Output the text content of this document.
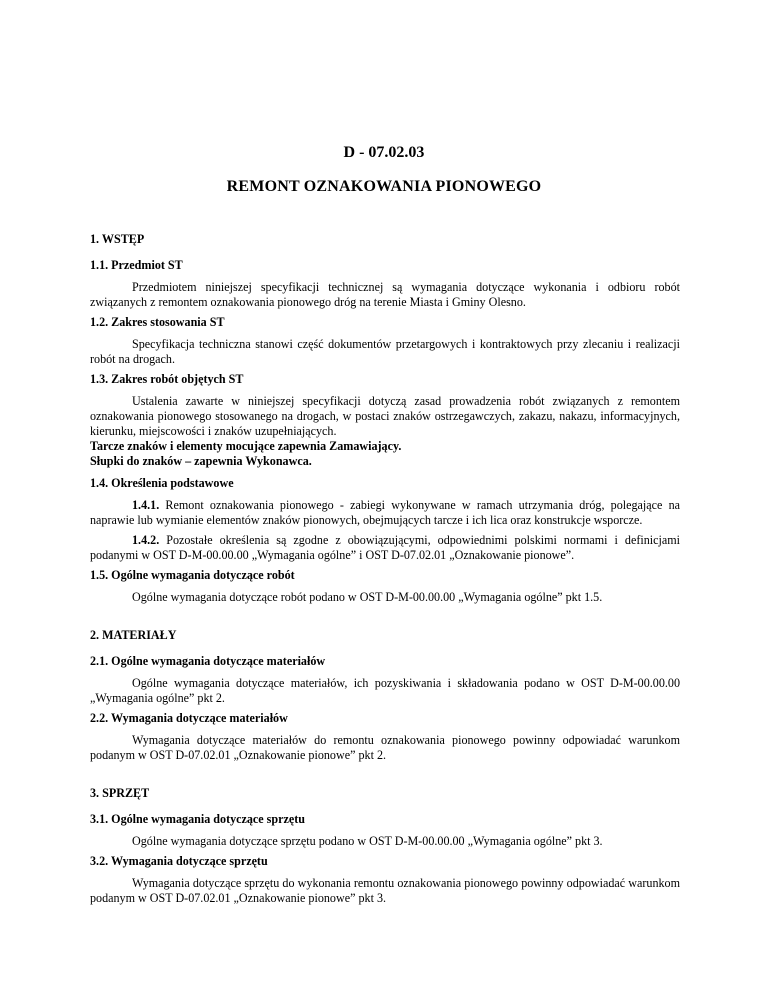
D - 07.02.03
REMONT OZNAKOWANIA PIONOWEGO
1. WSTĘP
1.1. Przedmiot ST
Przedmiotem niniejszej specyfikacji technicznej są wymagania dotyczące wykonania i odbioru robót związanych z remontem oznakowania pionowego dróg na terenie Miasta i Gminy Olesno.
1.2. Zakres stosowania ST
Specyfikacja techniczna stanowi część dokumentów przetargowych i kontraktowych przy zlecaniu i realizacji robót na drogach.
1.3. Zakres robót objętych ST
Ustalenia zawarte w niniejszej specyfikacji dotyczą zasad prowadzenia robót związanych z remontem oznakowania pionowego stosowanego na drogach, w postaci znaków ostrzegawczych, zakazu, nakazu, informacyjnych, kierunku, miejscowości i znaków uzupełniających.
Tarcze znaków i elementy mocujące zapewnia Zamawiający.
Słupki do znaków – zapewnia Wykonawca.
1.4. Określenia podstawowe
1.4.1. Remont oznakowania pionowego - zabiegi wykonywane w ramach utrzymania dróg, polegające na naprawie lub wymianie elementów znaków pionowych, obejmujących tarcze i ich lica oraz konstrukcje wsporcze.
1.4.2. Pozostałe określenia są zgodne z obowiązującymi, odpowiednimi polskimi normami i definicjami podanymi w OST D-M-00.00.00 „Wymagania ogólne” i OST D-07.02.01 „Oznakowanie pionowe”.
1.5. Ogólne wymagania dotyczące robót
Ogólne wymagania dotyczące robót podano w OST D-M-00.00.00 „Wymagania ogólne” pkt 1.5.
2. MATERIAŁY
2.1. Ogólne wymagania dotyczące materiałów
Ogólne wymagania dotyczące materiałów, ich pozyskiwania i składowania podano w OST D-M-00.00.00 „Wymagania ogólne” pkt 2.
2.2. Wymagania dotyczące materiałów
Wymagania dotyczące materiałów do remontu oznakowania pionowego powinny odpowiadać warunkom podanym w OST D-07.02.01 „Oznakowanie pionowe” pkt 2.
3. SPRZĘT
3.1. Ogólne wymagania dotyczące sprzętu
Ogólne wymagania dotyczące sprzętu podano w OST D-M-00.00.00 „Wymagania ogólne” pkt 3.
3.2. Wymagania dotyczące sprzętu
Wymagania dotyczące sprzętu do wykonania remontu oznakowania pionowego powinny odpowiadać warunkom podanym w OST D-07.02.01 „Oznakowanie pionowe” pkt 3.
